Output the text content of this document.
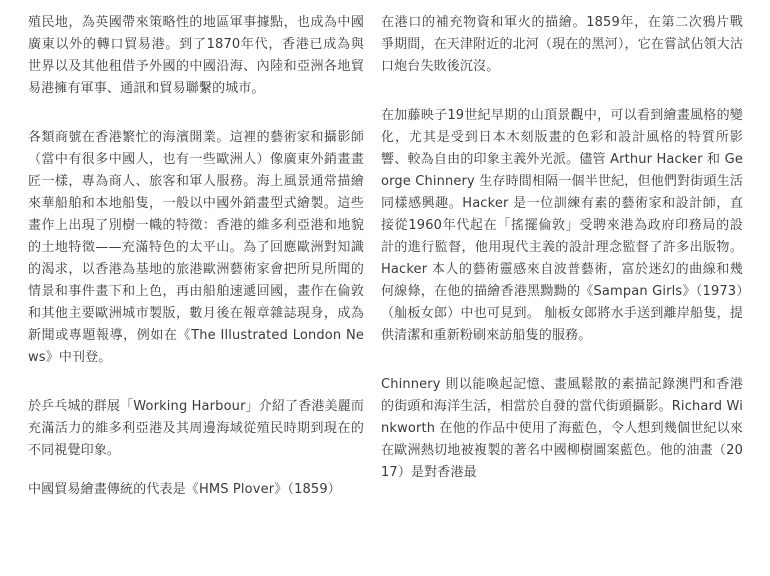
殖民地，為英國帶來策略性的地區軍事據點，也成為中國廣東以外的轉口貿易港。到了1870年代，香港已成為與世界以及其他租借予外國的中國沿海、內陸和亞洲各地貿易港擁有軍事、通訊和貿易聯繫的城市。

各類商號在香港繁忙的海濱開業。這裡的藝術家和攝影師（當中有很多中國人，也有一些歐洲人）像廣東外銷畫畫匠一樣，專為商人、旅客和軍人服務。海上風景通常描繪來華船舶和本地船隻，一般以中國外銷畫型式繪製。這些畫作上出現了別樹一幟的特徵：香港的維多利亞港和地貌的土地特徵——充滿特色的太平山。為了回應歐洲對知識的渴求，以香港為基地的旅港歐洲藝術家會把所見所聞的情景和事件畫下和上色，再由船舶速遞回國，畫作在倫敦和其他主要歐洲城市製版，數月後在報章雜誌現身，成為新聞或專題報導，例如在《The Illustrated London News》中刊登。

於乒乓城的群展「Working Harbour」介紹了香港美麗而充滿活力的維多利亞港及其周邊海域從殖民時期到現在的不同視覺印象。

中國貿易繪畫傳統的代表是《HMS Plover》（1859）

在港口的補充物資和軍火的描繪。1859年，在第二次鴉片戰爭期間，在天津附近的北河（現在的黑河），它在嘗試佔領大沽口炮台失敗後沉沒。

在加藤映子19世紀早期的山頂景觀中，可以看到繪畫風格的變化，尤其是受到日本木刻版畫的色彩和設計風格的特質所影響、較為自由的印象主義外光派。儘管 Arthur Hacker 和 George Chinnery 生存時間相隔一個半世紀，但他們對街頭生活同樣感興趣。Hacker 是一位訓練有素的藝術家和設計師，直接從1960年代起在「搖擺倫敦」受聘來港為政府印務局的設計的進行監督，他用現代主義的設計理念監督了許多出版物。Hacker 本人的藝術靈感來自波普藝術，富於迷幻的曲線和幾何線條，在他的描繪香港黑黝黝的《Sampan Girls》（1973）（舢板女郎）中也可見到。 舢板女郎將水手送到離岸船隻，提供清潔和重新粉刷來訪船隻的服務。

Chinnery 則以能喚起記憶、畫風鬆散的素描記錄澳門和香港的街頭和海洋生活，相當於自發的當代街頭攝影。Richard Winkworth 在他的作品中使用了海藍色，令人想到幾個世紀以來在歐洲熱切地被複製的著名中國柳樹圖案藍色。他的油畫（2017）是對香港最
